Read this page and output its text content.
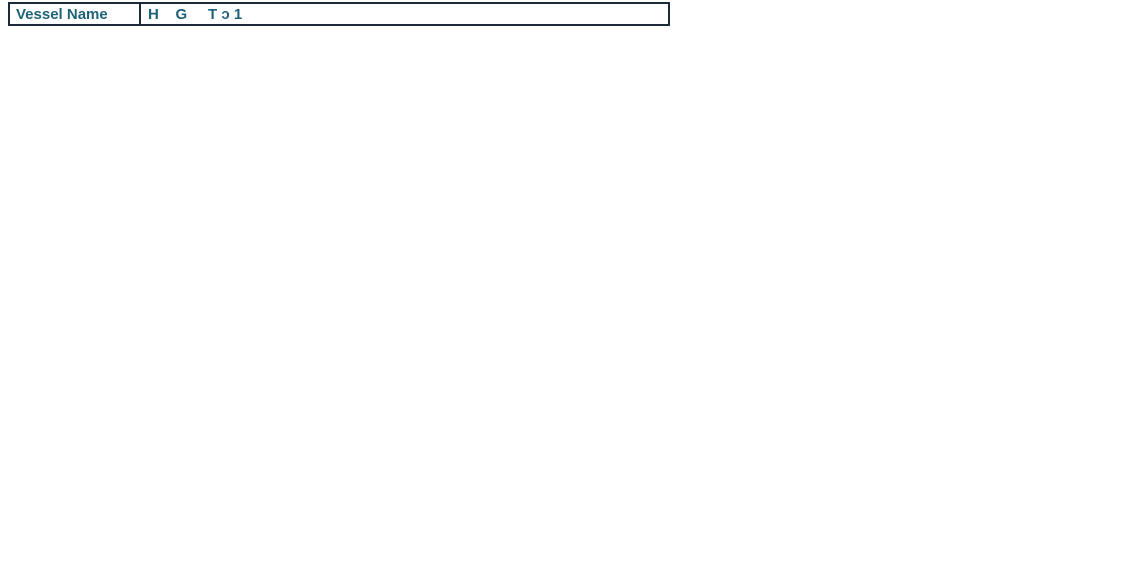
Vessel Name	H    G     T ɔ 1
